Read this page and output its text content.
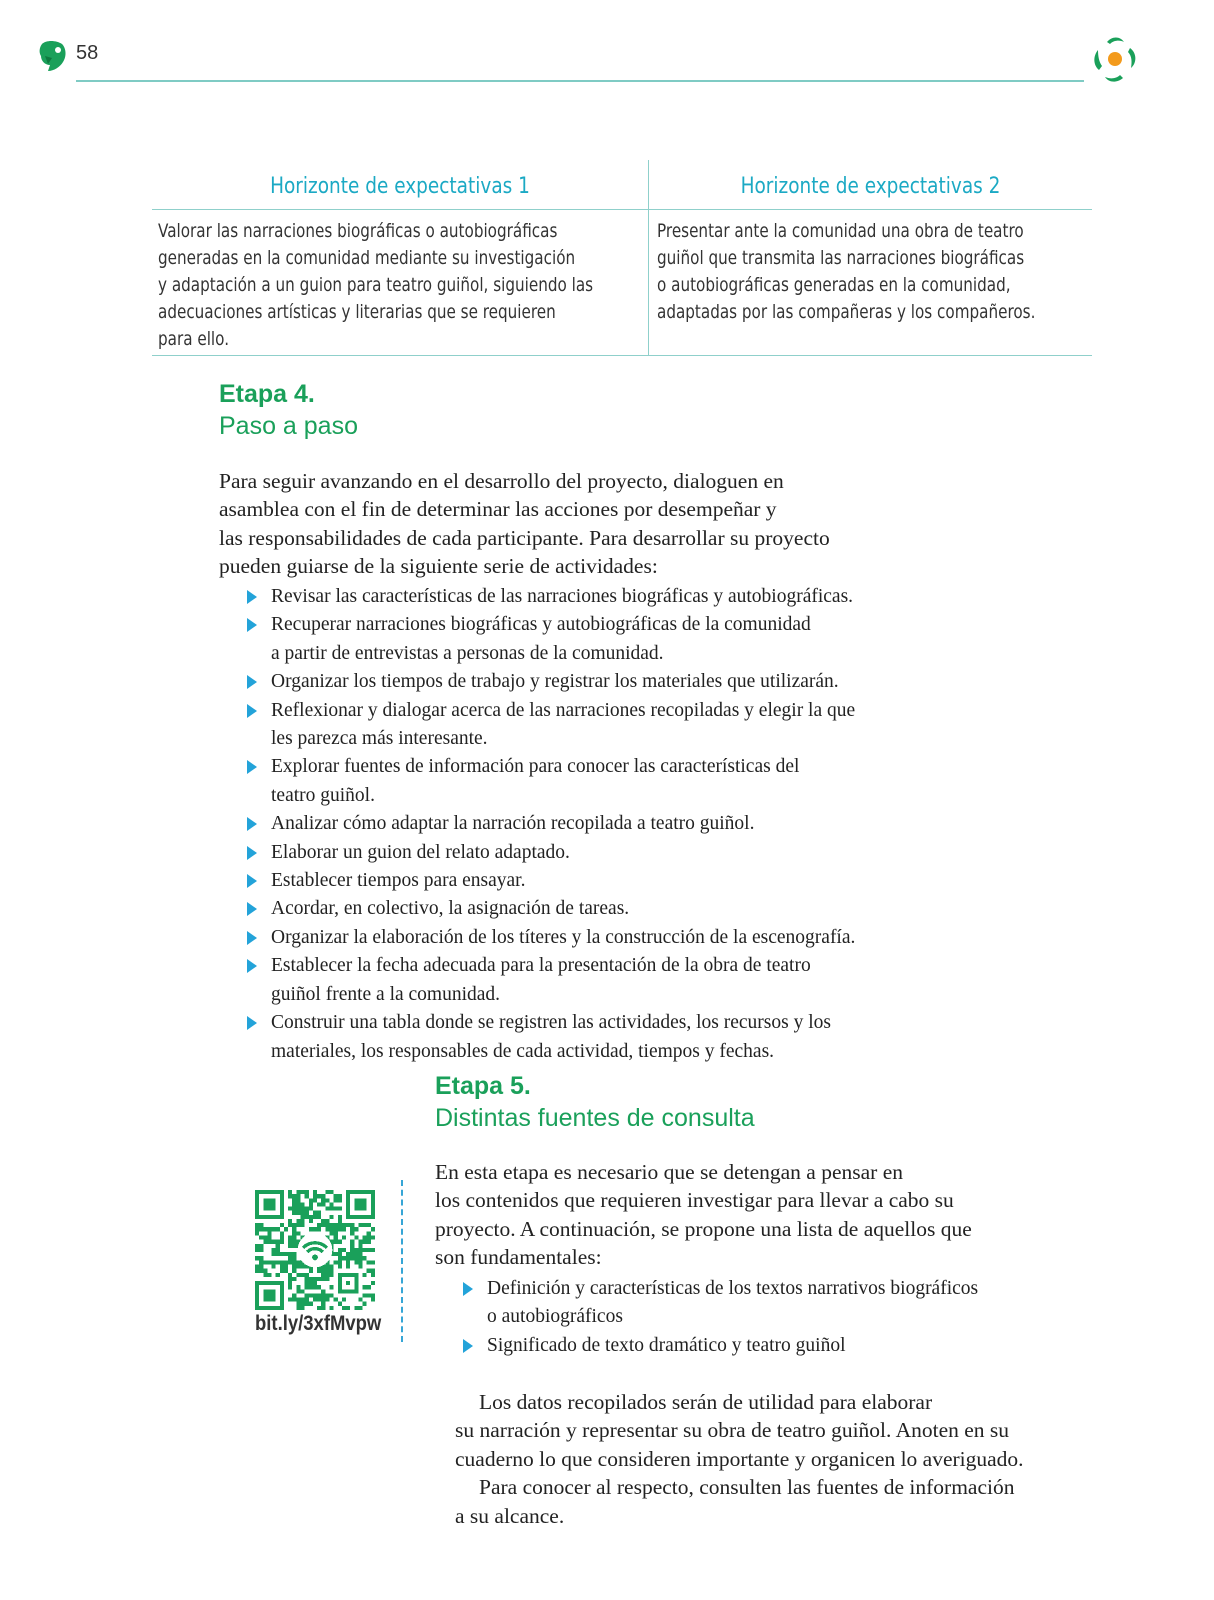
58
Horizonte de expectativas 1	Horizonte de expectativas 2
Valorar las narraciones biográficas o autobiográficas
generadas en la comunidad mediante su investigación
y adaptación a un guion para teatro guiñol, siguiendo las
adecuaciones artísticas y literarias que se requieren
para ello.
Presentar ante la comunidad una obra de teatro
guiñol que transmita las narraciones biográficas
o autobiográficas generadas en la comunidad,
adaptadas por las compañeras y los compañeros.
Etapa 4.
Paso a paso
Para seguir avanzando en el desarrollo del proyecto, dialoguen en
asamblea con el fin de determinar las acciones por desempeñar y
las responsabilidades de cada participante. Para desarrollar su proyecto
pueden guiarse de la siguiente serie de actividades:
Revisar las características de las narraciones biográficas y autobiográficas.
Recuperar narraciones biográficas y autobiográficas de la comunidad
a partir de entrevistas a personas de la comunidad.
Organizar los tiempos de trabajo y registrar los materiales que utilizarán.
Reflexionar y dialogar acerca de las narraciones recopiladas y elegir la que
les parezca más interesante.
Explorar fuentes de información para conocer las características del
teatro guiñol.
Analizar cómo adaptar la narración recopilada a teatro guiñol.
Elaborar un guion del relato adaptado.
Establecer tiempos para ensayar.
Acordar, en colectivo, la asignación de tareas.
Organizar la elaboración de los títeres y la construcción de la escenografía.
Establecer la fecha adecuada para la presentación de la obra de teatro
guiñol frente a la comunidad.
Construir una tabla donde se registren las actividades, los recursos y los
materiales, los responsables de cada actividad, tiempos y fechas.
Etapa 5.
Distintas fuentes de consulta
bit.ly/3xfMvpw
En esta etapa es necesario que se detengan a pensar en
los contenidos que requieren investigar para llevar a cabo su
proyecto. A continuación, se propone una lista de aquellos que
son fundamentales:
Definición y características de los textos narrativos biográficos
o autobiográficos
Significado de texto dramático y teatro guiñol
Los datos recopilados serán de utilidad para elaborar
su narración y representar su obra de teatro guiñol. Anoten en su
cuaderno lo que consideren importante y organicen lo averiguado.
Para conocer al respecto, consulten las fuentes de información
a su alcance.
